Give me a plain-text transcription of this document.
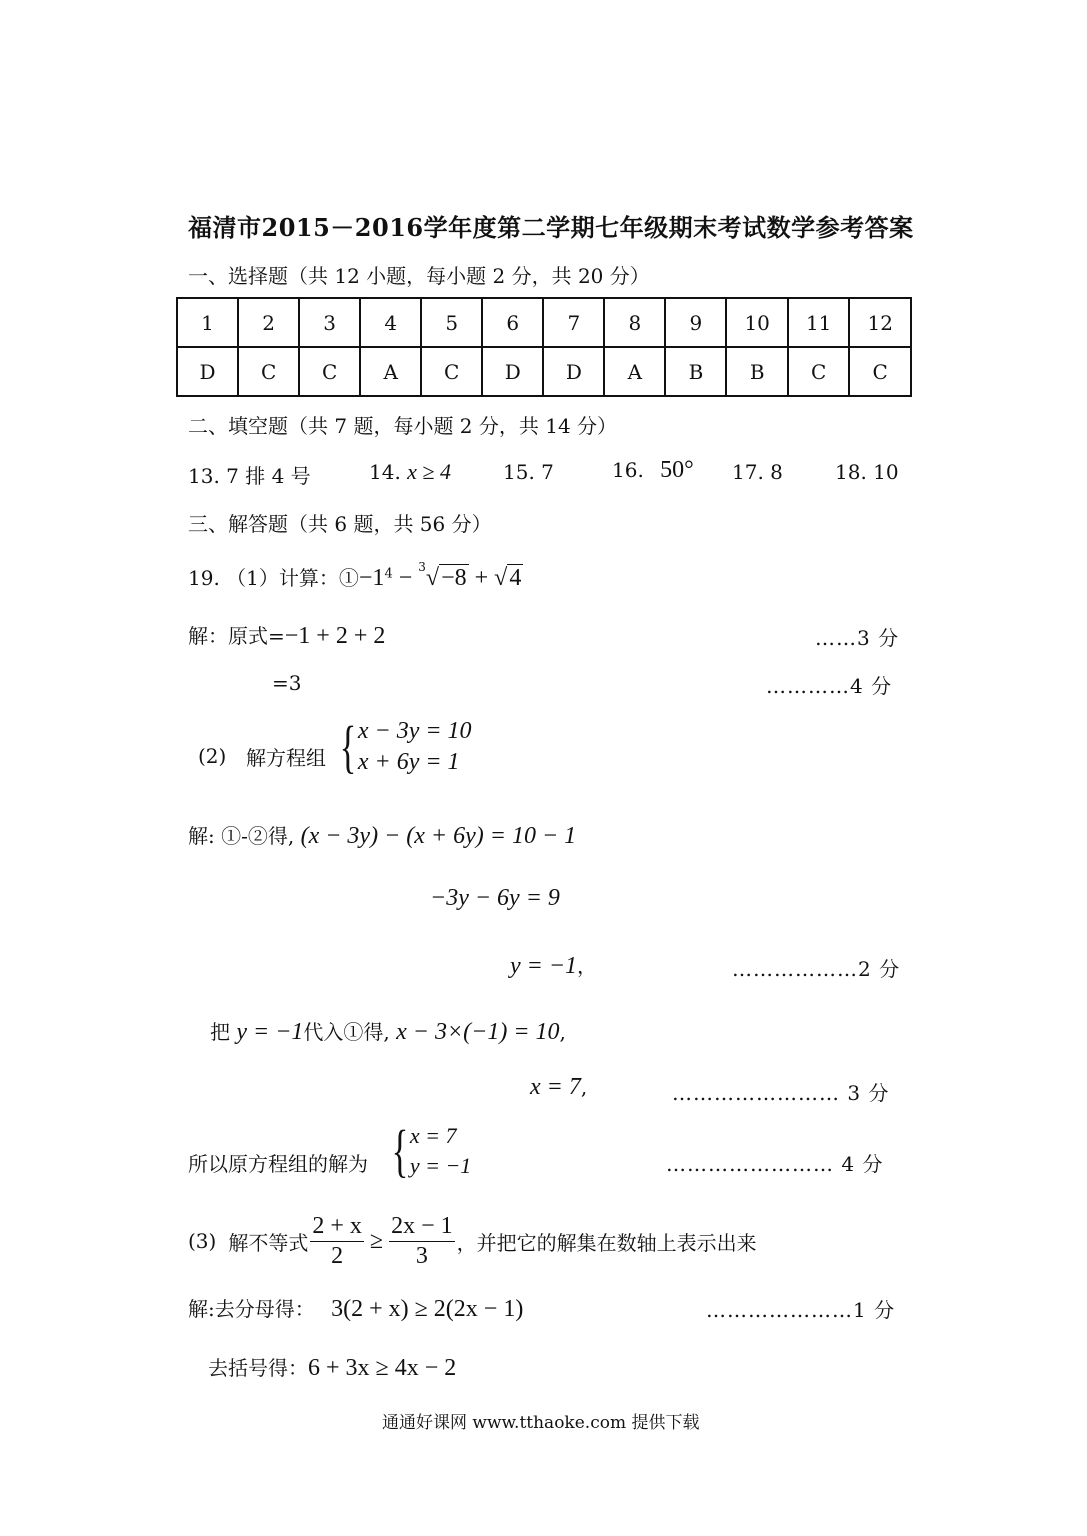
福清市2015－2016学年度第二学期七年级期末考试数学参考答案
一、选择题（共 12 小题，每小题 2 分，共 20 分）
1	2	3	4	5	6	7	8	9	10	11	12
D	C	C	A	C	D	D	A	B	B	C	C
二、填空题（共 7 题，每小题 2 分，共 14 分）
13. 7 排 4 号	14. x ≥ 4	15. 7	16. 50° 17. 8	18. 10
三、解答题（共 6 题，共 56 分）
19. （1）计算：$①-1^4 - ^3√-8 + √4$
解：原式=−1 + 2 + 2	……3 分
=3	…………4 分
(2) 解方程组 { x − 3y = 10
x + 6y = 1
解: ①-②得, (x − 3y) − (x + 6y) = 10 − 1
−3y − 6y = 9
y = −1，	………………2 分
把 y = −1代入①得, x − 3×(−1) = 10,
x = 7,	…………………… 3 分
所以原方程组的解为 { x = 7
y = −1	…………………… 4 分
(3) 解不等式 $\frac{2 + x}{2} \ge \frac{2x - 1}{3}$ ，并把它的解集在数轴上表示出来
解:去分母得： 3(2 + x) ≥ 2(2x − 1)	…………………1 分
去括号得：6 + 3x ≥ 4x − 2
通通好课网 www.tthaoke.com 提供下载
